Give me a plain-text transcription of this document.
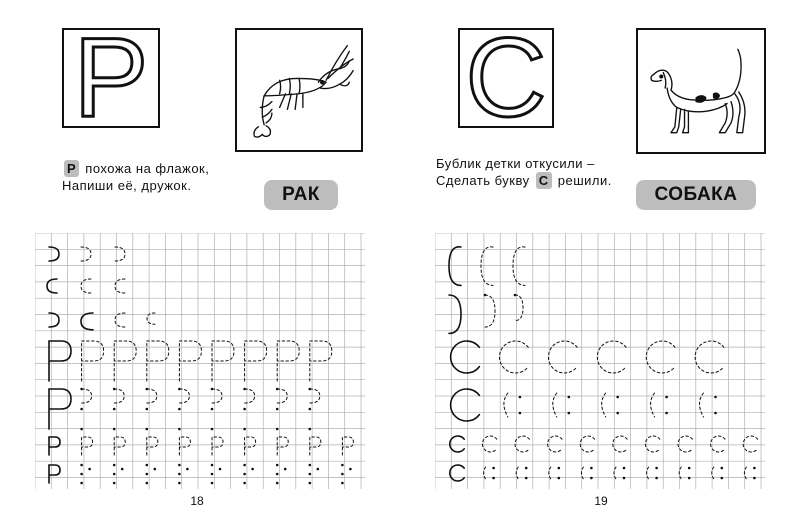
Р
Р похожа на флажок,
Напиши её, дружок.	РАК
18
С
Бублик детки откусили –
Сделать букву С решили.
СОБАКА
19
